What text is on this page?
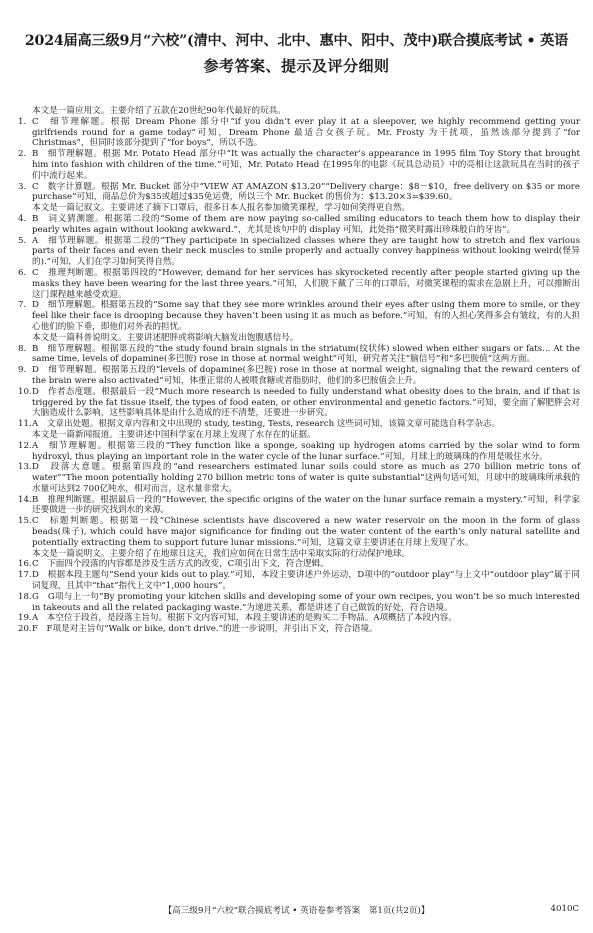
2024届高三级9月“六校”(清中、河中、北中、惠中、阳中、茂中)联合摸底考试 • 英语
参考答案、提示及评分细则
本文是一篇应用文。主要介绍了五款在20世纪90年代最好的玩具。
1. C　细节理解题。根据 Dream Phone 部分中“if you didn’t ever play it at a sleepover, we highly recommend getting your girlfriends round for a game today”可知，Dream Phone 最适合女孩子玩。Mr. Frosty 为干扰项，虽然该部分提到了“for Christmas”，但同时该部分提到了“for boys”，所以不选。
2. B　细节理解题。根据 Mr. Potato Head 部分中“It was actually the character’s appearance in 1995 film Toy Story that brought him into fashion with children of the time.”可知，Mr. Potato Head 在1995年的电影《玩具总动员》中的亮相让这款玩具在当时的孩子们中流行起来。
3. C　数字计算题。根据 Mr. Bucket 部分中“VIEW AT AMAZON $13.20”“Delivery charge：$8－$10，free delivery on $35 or more purchase”可知，商品总价为$35或超过$35免运费，所以三个 Mr. Bucket 的售价为：$13.20×3=$39.60。
本文是一篇记叙文。主要讲述了摘下口罩后，很多日本人报名参加微笑课程，学习如何笑得更自然。
4. B　词义猜测题。根据第二段的“Some of them are now paying so-called smiling educators to teach them how to display their pearly whites again without looking awkward.”，尤其是该句中的 display 可知，此处指“微笑时露出珍珠般白的牙齿”。
5. A　细节理解题。根据第二段的“They participate in specialized classes where they are taught how to stretch and flex various parts of their faces and even their neck muscles to smile properly and actually convey happiness without looking weird(怪异的).”可知，人们在学习如何笑得自然。
6. C　推理判断题。根据第四段的“However, demand for her services has skyrocketed recently after people started giving up the masks they have been wearing for the last three years.”可知，人们脱下戴了三年的口罩后，对微笑课程的需求在急剧上升，可以推断出这门课程越来越受欢迎。
7. D　细节理解题。根据第五段的“Some say that they see more wrinkles around their eyes after using them more to smile, or they feel like their face is drooping because they haven’t been using it as much as before.”可知，有的人担心笑得多会有皱纹，有的人担心他们的脸下垂，即他们对外表的担忧。
本文是一篇科普说明文。主要讲述肥胖或将影响大脑发出饱腹感信号。
8. B　细节理解题。根据第五段的“the study found brain signals in the striatum(纹状体) slowed when either sugars or fats... At the same time, levels of dopamine(多巴胺) rose in those at normal weight”可知，研究者关注“脑信号”和“多巴胺值”这两方面。
9. D　细节理解题。根据第五段的“levels of dopamine(多巴胺) rose in those at normal weight, signaling that the reward centers of the brain were also activated”可知，体重正常的人被喂食糖或者脂肪时，他们的多巴胺值会上升。
10. D　作者态度题。根据最后一段“Much more research is needed to fully understand what obesity does to the brain, and if that is triggered by the fat tissue itself, the types of food eaten, or other environmental and genetic factors.”可知，要全面了解肥胖会对大脑造成什么影响，这些影响具体是由什么造成的还不清楚，还要进一步研究。
11. A　文章出处题。根据文章内容和文中出现的 study, testing, Tests, research 这些词可知，该篇文章可能选自科学杂志。
本文是一篇新闻报道。主要讲述中国科学家在月球上发现了水存在的证据。
12. A　细节理解题。根据第三段的“They function like a sponge, soaking up hydrogen atoms carried by the solar wind to form hydroxyl, thus playing an important role in the water cycle of the lunar surface.”可知，月球上的玻璃珠的作用是吸住水分。
13. D　段落大意题。根据第四段的“and researchers estimated lunar soils could store as much as 270 billion metric tons of water”“The moon potentially holding 270 billion metric tons of water is quite substantial”这两句话可知，月球中的玻璃珠所承载的水量可达到2 700亿吨水，相对而言，这水量非常大。
14. B　推理判断题。根据最后一段的“However, the specific origins of the water on the lunar surface remain a mystery.”可知，科学家还要做进一步的研究找到水的来源。
15. C　标题判断题。根据第一段“Chinese scientists have discovered a new water reservoir on the moon in the form of glass beads(珠子), which could have major significance for finding out the water content of the earth’s only natural satellite and potentially extracting them to support future lunar missions.”可知，这篇文章主要讲述在月球上发现了水。
本文是一篇说明文。主要介绍了在地球日这天，我们应如何在日常生活中采取实际的行动保护地球。
16. C　下面四个段落的内容都是涉及生活方式的改变，C项引出下文，符合逻辑。
17. D　根据本段主题句“Send your kids out to play.”可知，本段主要讲述户外运动，D项中的“outdoor play”与上文中“outdoor play”属于同词复现，且其中“that”指代上文中“1,000 hours”。
18. G　G项与上一句“By promoting your kitchen skills and developing some of your own recipes, you won’t be so much interested in takeouts and all the related packaging waste.”为递进关系，都是讲述了自己做饭的好处，符合语境。
19. A　本空位于段首，是段落主旨句。根据下文内容可知，本段主要讲述的是购买二手物品。A项概括了本段内容。
20. F　F项是对主旨句“Walk or bike, don’t drive.”的进一步说明，并引出下文，符合语境。
【高三级9月“六校”联合摸底考试 • 英语卷参考答案　第1页(共2页)】	4010C
